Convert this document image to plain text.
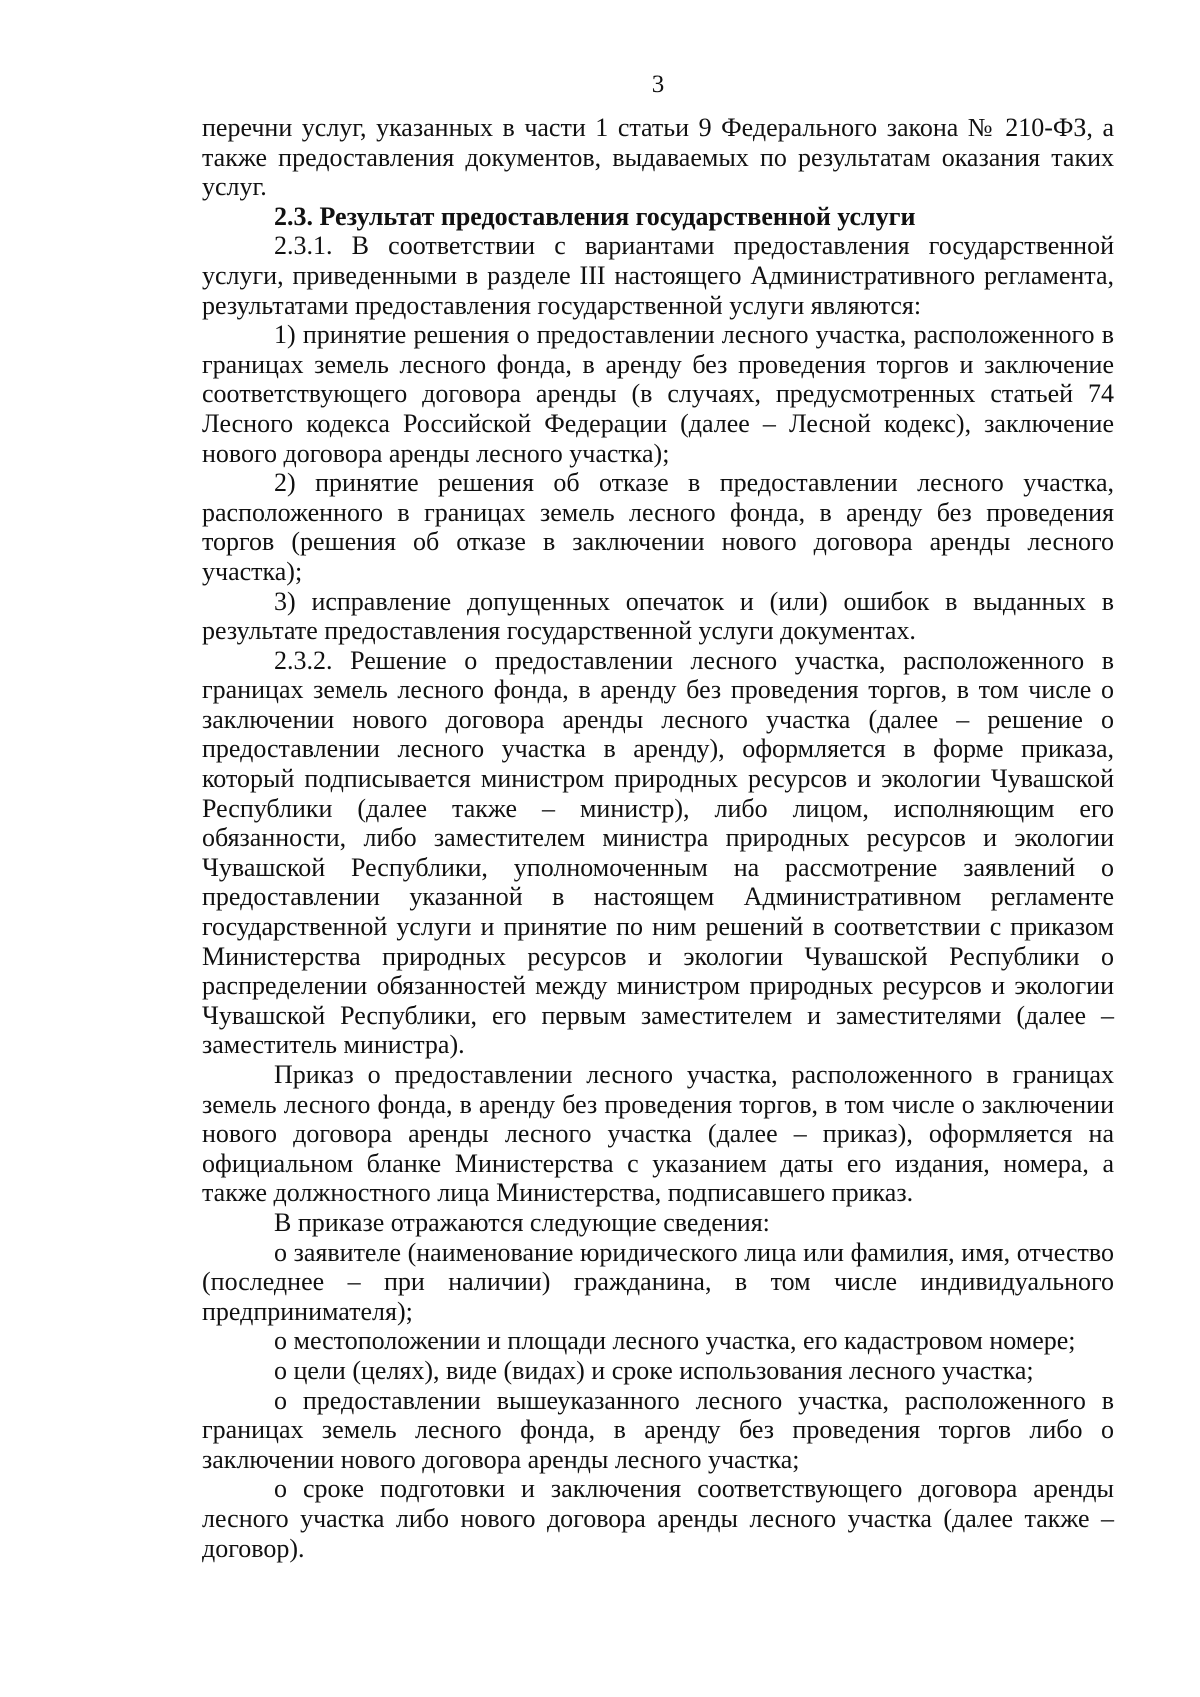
3

перечни услуг, указанных в части 1 статьи 9 Федерального закона № 210-ФЗ, а также предоставления документов, выдаваемых по результатам оказания таких услуг.

2.3. Результат предоставления государственной услуги

2.3.1. В соответствии с вариантами предоставления государственной услуги, приведенными в разделе III настоящего Административного регламента, результатами предоставления государственной услуги являются:

1) принятие решения о предоставлении лесного участка, расположенного в границах земель лесного фонда, в аренду без проведения торгов и заключение соответствующего договора аренды (в случаях, предусмотренных статьей 74 Лесного кодекса Российской Федерации (далее – Лесной кодекс), заключение нового договора аренды лесного участка);

2) принятие решения об отказе в предоставлении лесного участка, расположенного в границах земель лесного фонда, в аренду без проведения торгов (решения об отказе в заключении нового договора аренды лесного участка);

3) исправление допущенных опечаток и (или) ошибок в выданных в результате предоставления государственной услуги документах.

2.3.2. Решение о предоставлении лесного участка, расположенного в границах земель лесного фонда, в аренду без проведения торгов, в том числе о заключении нового договора аренды лесного участка (далее – решение о предоставлении лесного участка в аренду), оформляется в форме приказа, который подписывается министром природных ресурсов и экологии Чувашской Республики (далее также – министр), либо лицом, исполняющим его обязанности, либо заместителем министра природных ресурсов и экологии Чувашской Республики, уполномоченным на рассмотрение заявлений о предоставлении указанной в настоящем Административном регламенте государственной услуги и принятие по ним решений в соответствии с приказом Министерства природных ресурсов и экологии Чувашской Республики о распределении обязанностей между министром природных ресурсов и экологии Чувашской Республики, его первым заместителем и заместителями (далее – заместитель министра).

Приказ о предоставлении лесного участка, расположенного в границах земель лесного фонда, в аренду без проведения торгов, в том числе о заключении нового договора аренды лесного участка (далее – приказ), оформляется на официальном бланке Министерства с указанием даты его издания, номера, а также должностного лица Министерства, подписавшего приказ.

В приказе отражаются следующие сведения:

о заявителе (наименование юридического лица или фамилия, имя, отчество (последнее – при наличии) гражданина, в том числе индивидуального предпринимателя);

о местоположении и площади лесного участка, его кадастровом номере;

о цели (целях), виде (видах) и сроке использования лесного участка;

о предоставлении вышеуказанного лесного участка, расположенного в границах земель лесного фонда, в аренду без проведения торгов либо о заключении нового договора аренды лесного участка;

о сроке подготовки и заключения соответствующего договора аренды лесного участка либо нового договора аренды лесного участка (далее также – договор).
